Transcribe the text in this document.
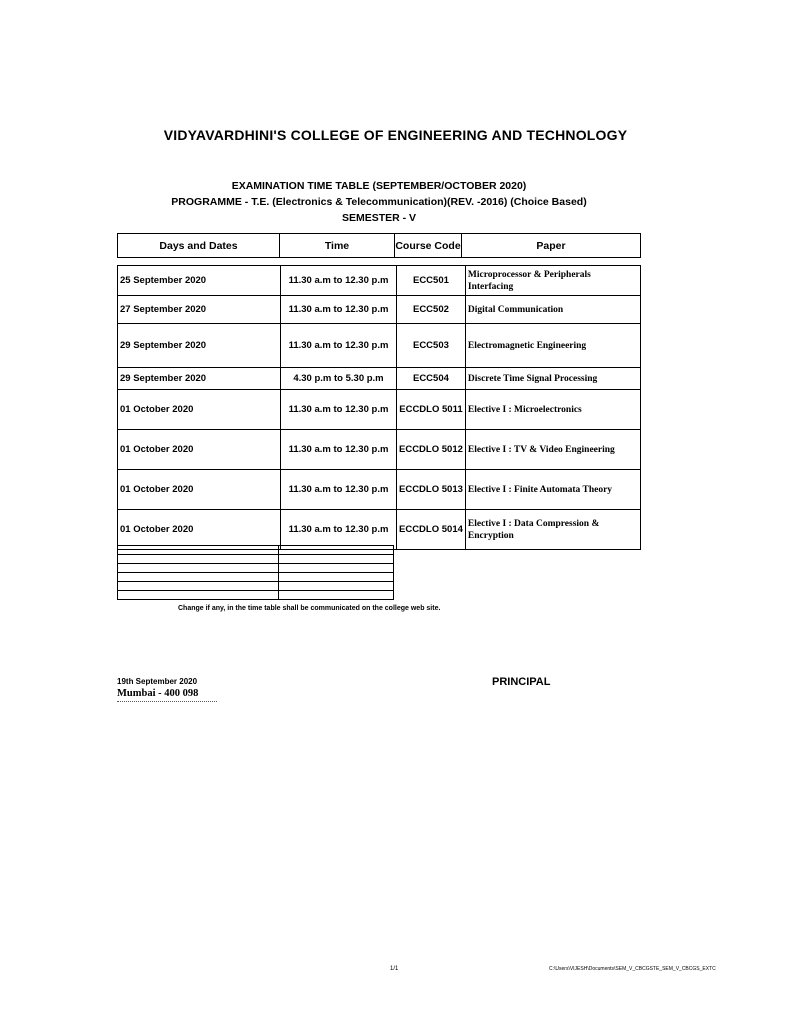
VIDYAVARDHINI'S COLLEGE OF ENGINEERING AND TECHNOLOGY
EXAMINATION TIME TABLE (SEPTEMBER/OCTOBER 2020)
PROGRAMME - T.E. (Electronics & Telecommunication)(REV. -2016) (Choice Based)
SEMESTER - V
Days and Dates	Time	Course Code	Paper
25 September 2020	11.30 a.m to 12.30 p.m	ECC501	Microprocessor & Peripherals Interfacing
27 September 2020	11.30 a.m to 12.30 p.m	ECC502	Digital Communication
29 September 2020	11.30 a.m to 12.30 p.m	ECC503	Electromagnetic Engineering
29 September 2020	4.30 p.m to 5.30 p.m	ECC504	Discrete Time Signal Processing
01 October 2020	11.30 a.m to 12.30 p.m	ECCDLO 5011	Elective I : Microelectronics
01 October 2020	11.30 a.m to 12.30 p.m	ECCDLO 5012	Elective I : TV & Video Engineering
01 October 2020	11.30 a.m to 12.30 p.m	ECCDLO 5013	Elective I : Finite Automata Theory
01 October 2020	11.30 a.m to 12.30 p.m	ECCDLO 5014	Elective I : Data Compression & Encryption

Change if any, in the time table shall be communicated on the college web site.
19th September 2020
Mumbai - 400 098
PRINCIPAL
1/1	C:\Users\VIJESH\Documents\SEM_V_CBCGSTE_SEM_V_CBCGS_EXTC
